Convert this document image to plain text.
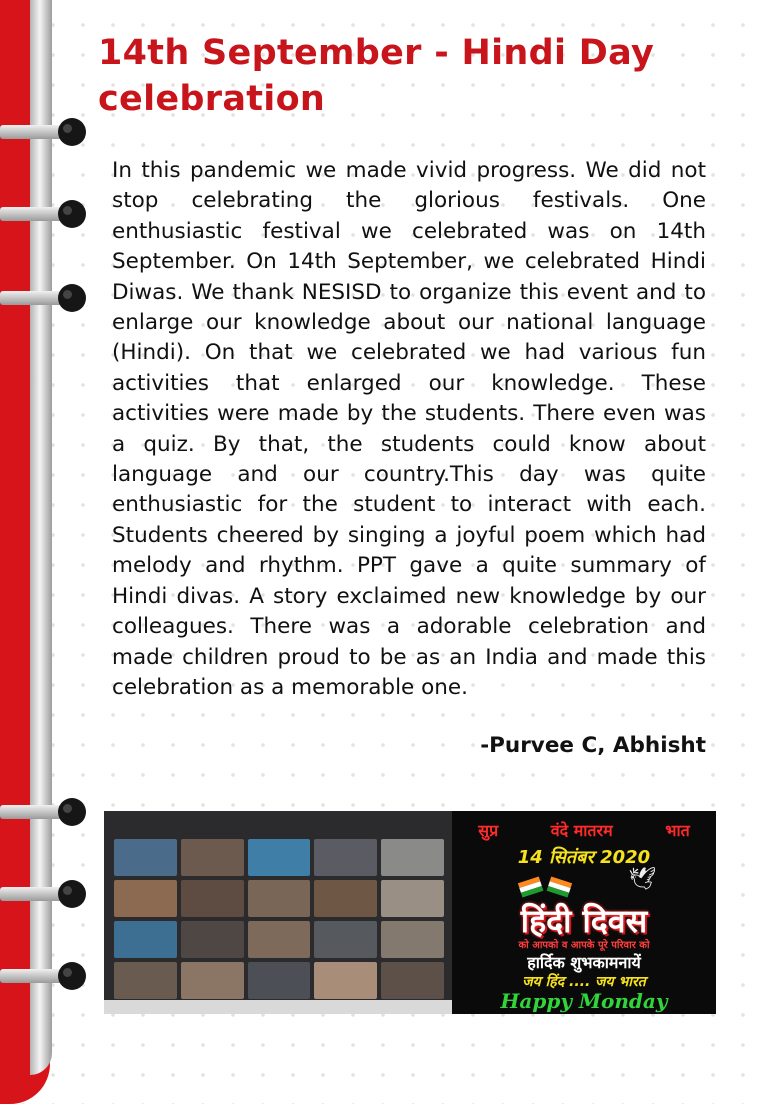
14th September - Hindi Day
celebration

In this pandemic we made vivid progress. We did not stop celebrating the glorious festivals. One enthusiastic festival we celebrated was on 14th September. On 14th September, we celebrated Hindi Diwas. We thank NESISD to organize this event and to enlarge our knowledge about our national language (Hindi). On that we celebrated we had various fun activities that enlarged our knowledge. These activities were made by the students. There even was a quiz. By that, the students could know about language and our country.This day was quite enthusiastic for the student to interact with each. Students cheered by singing a joyful poem which had melody and rhythm. PPT gave a quite summary of Hindi divas. A story exclaimed new knowledge by our colleagues. There was a adorable celebration and made children proud to be as an India and made this celebration as a memorable one.

-Purvee C, Abhisht
सुप्र	वंदे मातरम	भात
14 सितंबर 2020
🕊
हिंदी दिवस
को आपको व आपके पूरे परिवार को
हार्दिक शुभकामनायें
जय हिंद .... जय भारत
Happy Monday
